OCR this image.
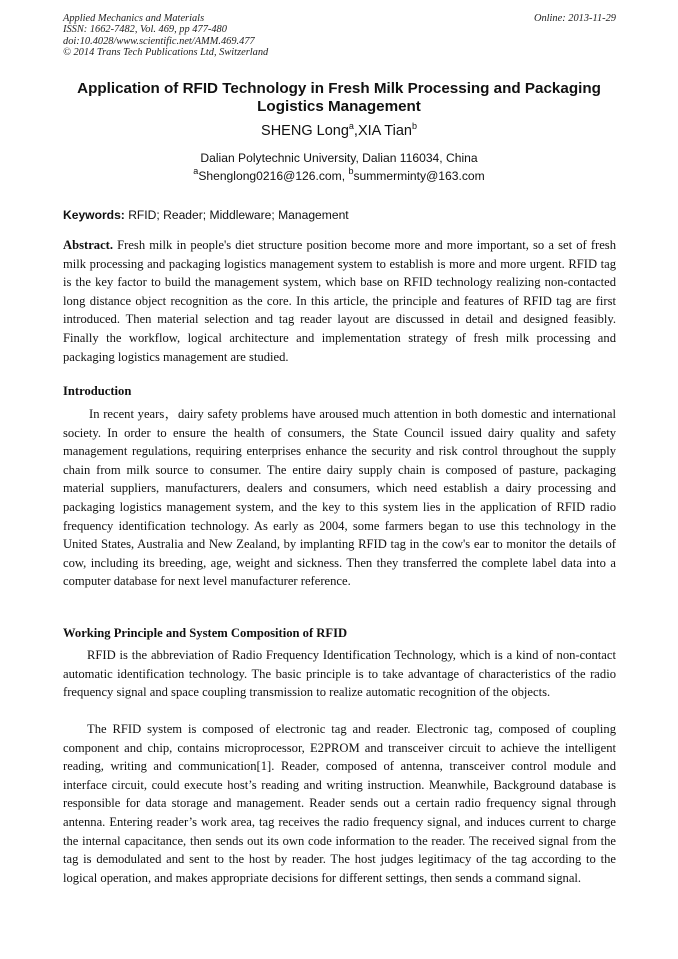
Applied Mechanics and Materials	Online: 2013-11-29
ISSN: 1662-7482, Vol. 469, pp 477-480
doi:10.4028/www.scientific.net/AMM.469.477
© 2014 Trans Tech Publications Ltd, Switzerland
Application of RFID Technology in Fresh Milk Processing and Packaging Logistics Management
SHENG Long$^a$,XIA Tian$^b$
Dalian Polytechnic University, Dalian 116034, China
$^a$Shenglong0216@126.com, $^b$summerminty@163.com
Keywords: RFID; Reader; Middleware; Management

Abstract. Fresh milk in people's diet structure position become more and more important, so a set of fresh milk processing and packaging logistics management system to establish is more and more urgent. RFID tag is the key factor to build the management system, which base on RFID technology realizing non-contacted long distance object recognition as the core. In this article, the principle and features of RFID tag are first introduced. Then material selection and tag reader layout are discussed in detail and designed feasibly. Finally the workflow, logical architecture and implementation strategy of fresh milk processing and packaging logistics management are studied.

Introduction

In recent years，dairy safety problems have aroused much attention in both domestic and international society. In order to ensure the health of consumers, the State Council issued dairy quality and safety management regulations, requiring enterprises enhance the security and risk control throughout the supply chain from milk source to consumer. The entire dairy supply chain is composed of pasture, packaging material suppliers, manufacturers, dealers and consumers, which need establish a dairy processing and packaging logistics management system, and the key to this system lies in the application of RFID radio frequency identification technology. As early as 2004, some farmers began to use this technology in the United States, Australia and New Zealand, by implanting RFID tag in the cow's ear to monitor the details of cow, including its breeding, age, weight and sickness. Then they transferred the complete label data into a computer database for next level manufacturer reference.

Working Principle and System Composition of RFID

RFID is the abbreviation of Radio Frequency Identification Technology, which is a kind of non-contact automatic identification technology. The basic principle is to take advantage of characteristics of the radio frequency signal and space coupling transmission to realize automatic recognition of the objects.

The RFID system is composed of electronic tag and reader. Electronic tag, composed of coupling component and chip, contains microprocessor, E2PROM and transceiver circuit to achieve the intelligent reading, writing and communication[1]. Reader, composed of antenna, transceiver control module and interface circuit, could execute host’s reading and writing instruction. Meanwhile, Background database is responsible for data storage and management. Reader sends out a certain radio frequency signal through antenna. Entering reader’s work area, tag receives the radio frequency signal, and induces current to charge the internal capacitance, then sends out its own code information to the reader. The received signal from the tag is demodulated and sent to the host by reader. The host judges legitimacy of the tag according to the logical operation, and makes appropriate decisions for different settings, then sends a command signal.
